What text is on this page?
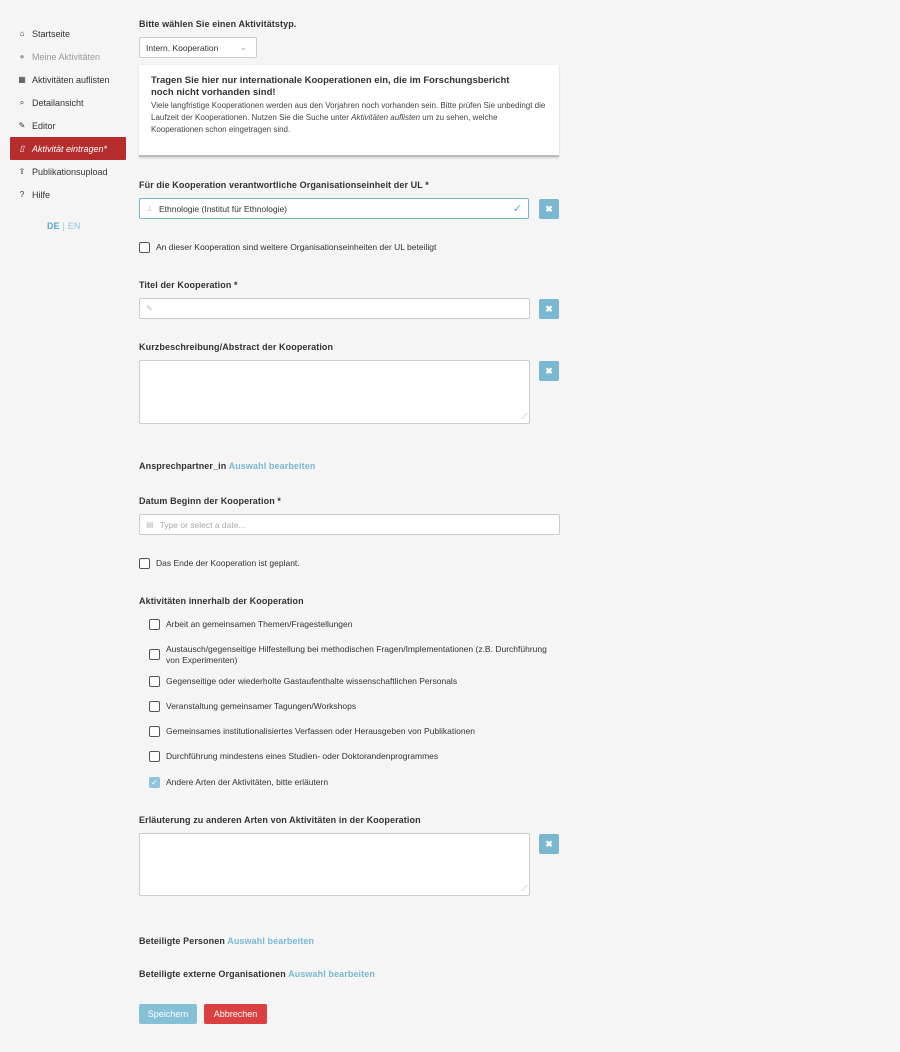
⌂ Startseite
● Meine Aktivitäten
▦ Aktivitäten auflisten
⌕ Detailansicht
✎ Editor
▯ Aktivität eintragen*
⇪ Publikationsupload
? Hilfe
DE | EN
Bitte wählen Sie einen Aktivitätstyp.
Intern. Kooperation ⌄
Tragen Sie hier nur internationale Kooperationen ein, die im Forschungsbericht noch nicht vorhanden sind!
Viele langfristige Kooperationen werden aus den Vorjahren noch vorhanden sein. Bitte prüfen Sie unbedingt die Laufzeit der Kooperationen. Nutzen Sie die Suche unter Aktivitäten auflisten um zu sehen, welche Kooperationen schon eingetragen sind.
Für die Kooperation verantwortliche Organisationseinheit der UL *
⊥ Ethnologie (Institut für Ethnologie)	✓	✖
An dieser Kooperation sind weitere Organisationseinheiten der UL beteiligt
Titel der Kooperation *
✎	✖
Kurzbeschreibung/Abstract der Kooperation
⟋
✖
Ansprechpartner_in Auswahl bearbeiten
Datum Beginn der Kooperation *
▤ Type or select a date...
Das Ende der Kooperation ist geplant.
Aktivitäten innerhalb der Kooperation
Arbeit an gemeinsamen Themen/Fragestellungen
Austausch/gegenseitige Hilfestellung bei methodischen Fragen/Implementationen (z.B. Durchführung von Experimenten)
Gegenseitige oder wiederholte Gastaufenthalte wissenschaftlichen Personals
Veranstaltung gemeinsamer Tagungen/Workshops
Gemeinsames institutionalisiertes Verfassen oder Herausgeben von Publikationen
Durchführung mindestens eines Studien- oder Doktorandenprogrammes
✓ Andere Arten der Aktivitäten, bitte erläutern
Erläuterung zu anderen Arten von Aktivitäten in der Kooperation
⟋
✖
Beteiligte Personen Auswahl bearbeiten
Beteiligte externe Organisationen Auswahl bearbeiten
Speichern	Abbrechen
